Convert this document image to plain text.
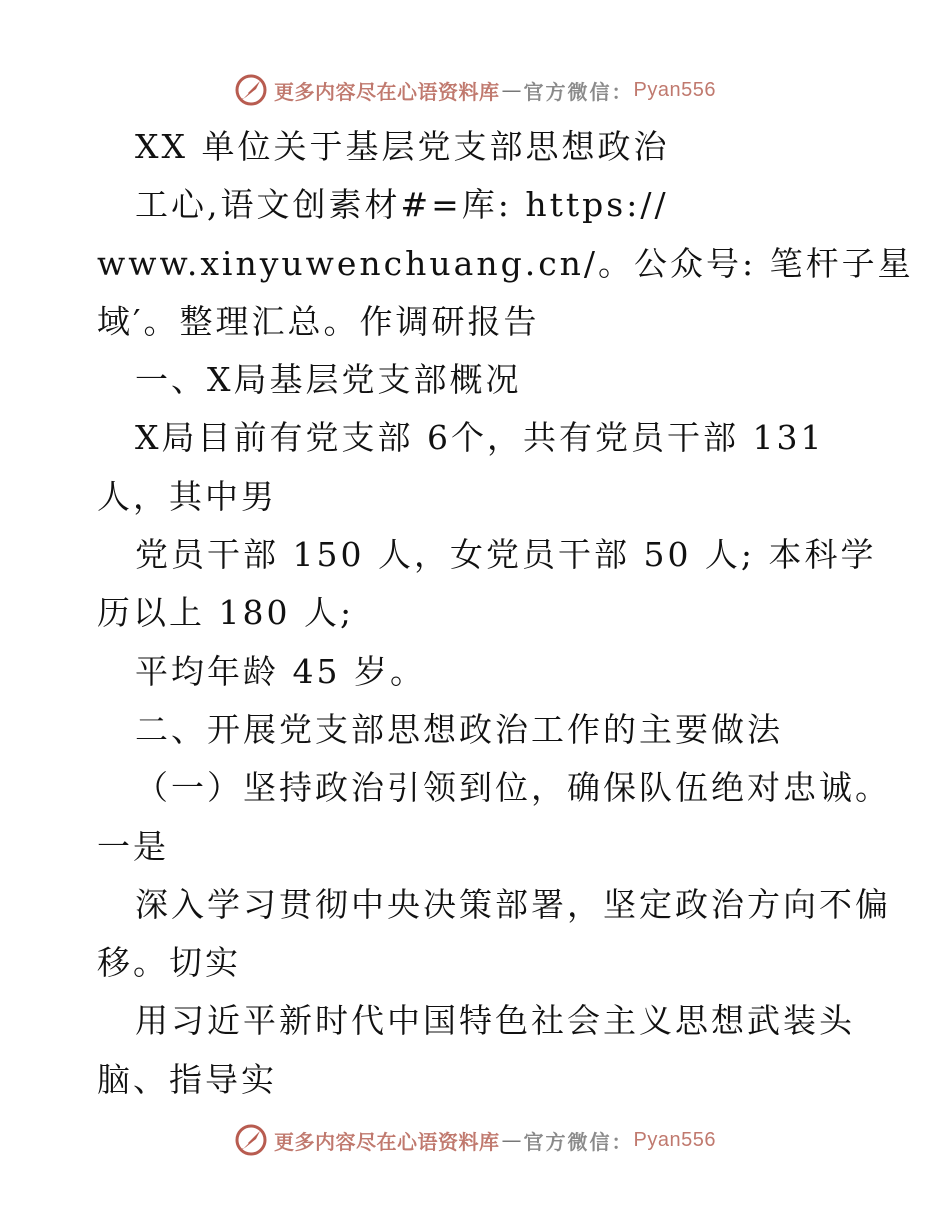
更多内容尽在心语资料库 — 官方微信： Pyan556
XX 单位关于基层党支部思想政治
工心,语文创素材#=库: https://
www.xinyuwenchuang.cn/。公众号: 笔杆子星
域′。整理汇总。作调研报告
一、X局基层党支部概况
X局目前有党支部 6个，共有党员干部 131
人，其中男
党员干部 150 人，女党员干部 50 人; 本科学
历以上 180 人;
平均年龄 45 岁。
二、开展党支部思想政治工作的主要做法
（一）坚持政治引领到位，确保队伍绝对忠诚。
一是
深入学习贯彻中央决策部署，坚定政治方向不偏
移。切实
用习近平新时代中国特色社会主义思想武装头
脑、指导实
更多内容尽在心语资料库 — 官方微信： Pyan556
